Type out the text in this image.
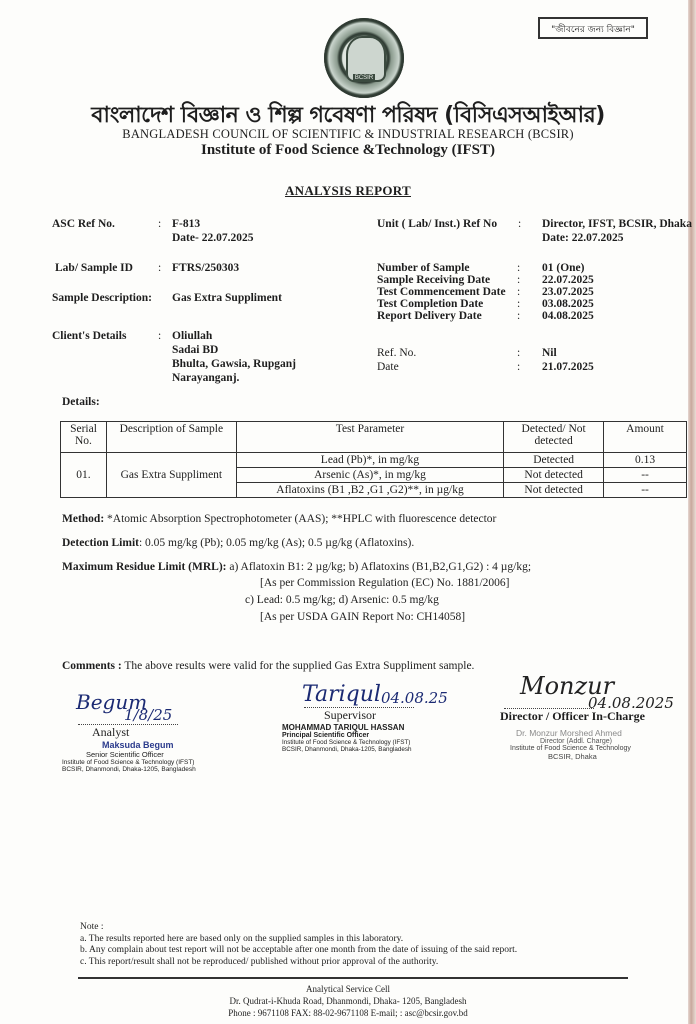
BCSIR
"জীবনের জন্য বিজ্ঞান"
বাংলাদেশ বিজ্ঞান ও শিল্প গবেষণা পরিষদ (বিসিএসআইআর)
BANGLADESH COUNCIL OF SCIENTIFIC & INDUSTRIAL RESEARCH (BCSIR)
Institute of Food Science &Technology (IFST)
ANALYSIS REPORT
ASC Ref No.	: F-813
Date- 22.07.2025
Lab/ Sample ID : FTRS/250303
Sample Description: Gas Extra Suppliment
Client's Details	: Oliullah
Sadai BD
Bhulta, Gawsia, Rupganj
Narayanganj.
Unit ( Lab/ Inst.) Ref No : Director, IFST, BCSIR, Dhaka
Date: 22.07.2025
Number of Sample	:	01 (One)
Sample Receiving Date	:	22.07.2025
Test Commencement Date :	23.07.2025
Test Completion Date	:	03.08.2025
Report Delivery Date	:	04.08.2025
Ref. No.	:	Nil
Date	:	21.07.2025
Details:
Serial No.	Description of Sample	Test Parameter	Detected/ Not detected	Amount
01.	Gas Extra Suppliment	Lead (Pb)*, in mg/kg	Detected	0.13
		Arsenic (As)*, in mg/kg	Not detected	--
		Aflatoxins (B1 ,B2 ,G1 ,G2)**, in µg/kg	Not detected	--
Method: *Atomic Absorption Spectrophotometer (AAS); **HPLC with fluorescence detector
Detection Limit: 0.05 mg/kg (Pb); 0.05 mg/kg (As); 0.5 µg/kg (Aflatoxins).
Maximum Residue Limit (MRL): a) Aflatoxin B1: 2 µg/kg; b) Aflatoxins (B1,B2,G1,G2) : 4 µg/kg;
[As per Commission Regulation (EC) No. 1881/2006]
c) Lead: 0.5 mg/kg; d) Arsenic: 0.5 mg/kg
[As per USDA GAIN Report No: CH14058]
Comments : The above results were valid for the supplied Gas Extra Suppliment sample.
Begum
1/8/25
Analyst
Maksuda Begum
Senior Scientific Officer
Institute of Food Science & Technology (IFST)
BCSIR, Dhanmondi, Dhaka-1205, Bangladesh
Tariqul 04.08.25
Supervisor
MOHAMMAD TARIQUL HASSAN
Principal Scientific Officer
Institute of Food Science & Technology (IFST)
BCSIR, Dhanmondi, Dhaka-1205, Bangladesh
Monzur
04.08.2025
Director / Officer In-Charge
Dr. Monzur Morshed Ahmed
Director (Addl. Charge)
Institute of Food Science & Technology
BCSIR, Dhaka
Note :
a. The results reported here are based only on the supplied samples in this laboratory.
b. Any complain about test report will not be acceptable after one month from the date of issuing of the said report.
c. This report/result shall not be reproduced/ published without prior approval of the authority.
Analytical Service Cell
Dr. Qudrat-i-Khuda Road, Dhanmondi, Dhaka- 1205, Bangladesh
Phone : 9671108 FAX: 88-02-9671108 E-mail; : asc@bcsir.gov.bd
